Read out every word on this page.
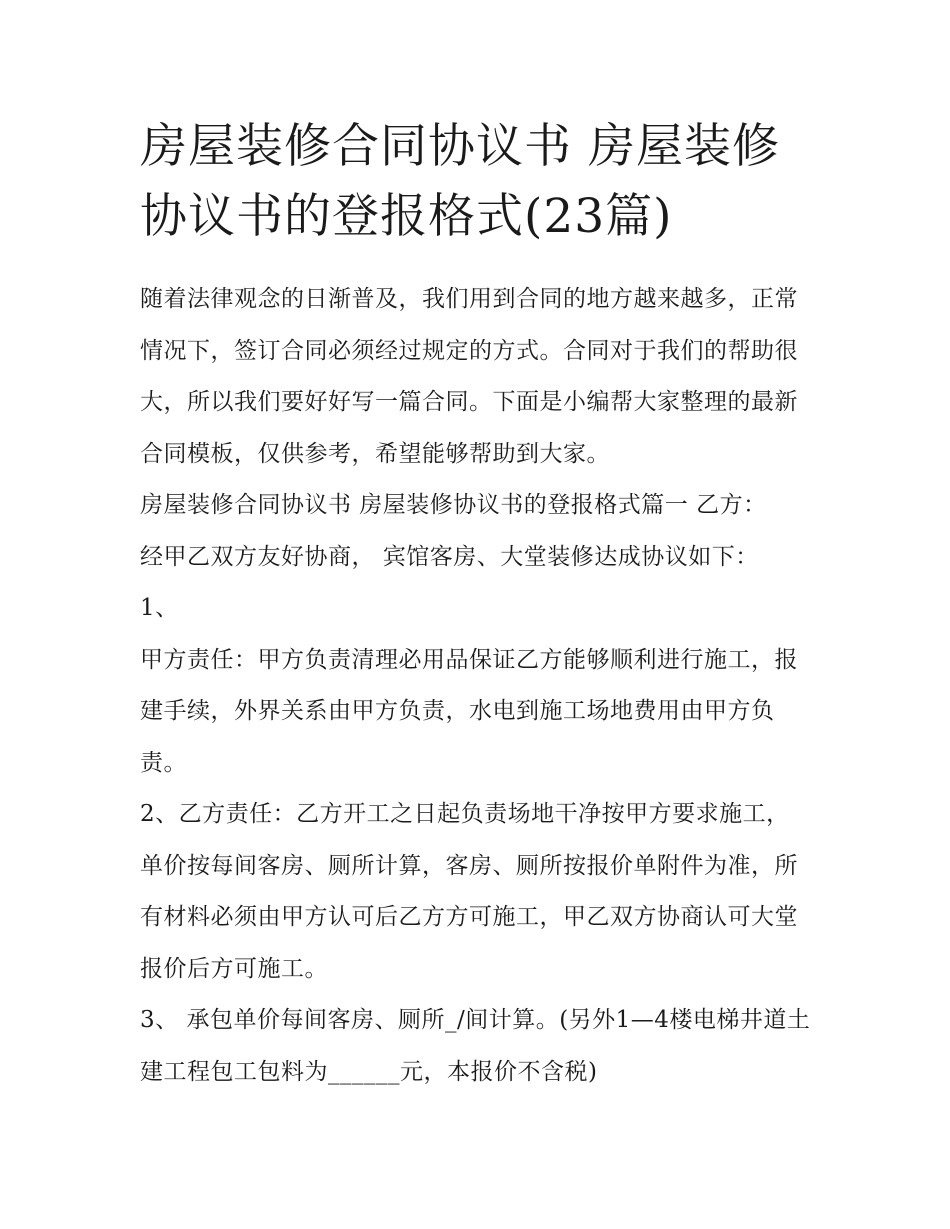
房屋装修合同协议书 房屋装修协议书的登报格式(23篇)

随着法律观念的日渐普及，我们用到合同的地方越来越多，正常情况下，签订合同必须经过规定的方式。合同对于我们的帮助很大，所以我们要好好写一篇合同。下面是小编帮大家整理的最新合同模板，仅供参考，希望能够帮助到大家。

房屋装修合同协议书 房屋装修协议书的登报格式篇一 乙方：

经甲乙双方友好协商， 宾馆客房、大堂装修达成协议如下：

1、

甲方责任：甲方负责清理必用品保证乙方能够顺利进行施工，报建手续，外界关系由甲方负责，水电到施工场地费用由甲方负责。

2、乙方责任：乙方开工之日起负责场地干净按甲方要求施工，单价按每间客房、厕所计算，客房、厕所按报价单附件为准，所有材料必须由甲方认可后乙方方可施工，甲乙双方协商认可大堂报价后方可施工。

3、 承包单价每间客房、厕所_/间计算。(另外1—4楼电梯井道土建工程包工包料为______元，本报价不含税)
